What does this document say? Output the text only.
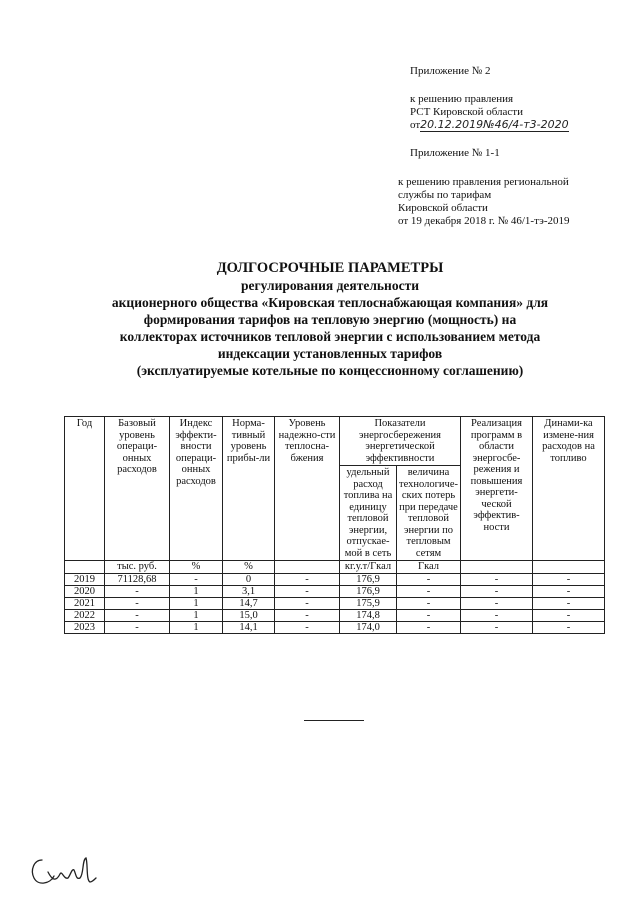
Приложение № 2
к решению правления
РСТ Кировской области
от20.12.2019№46/4-т3-2020
Приложение № 1-1
к решению правления региональной
службы по тарифам
Кировской области
от 19 декабря 2018 г. № 46/1-тэ-2019
ДОЛГОСРОЧНЫЕ ПАРАМЕТРЫ
регулирования деятельности
акционерного общества «Кировская теплоснабжающая компания» для
формирования тарифов на тепловую энергию (мощность) на
коллекторах источников тепловой энергии с использованием метода
индексации установленных тарифов
(эксплуатируемые котельные по концессионному соглашению)
Год	Базовый уровень операци-онных расходов	Индекс эффекти-вности операци-онных расходов	Норма-тивный уровень прибы-ли	Уровень надежно-сти теплосна-бжения	Показатели энергосбережения энергетической эффективности		Реализация программ в области энергосбе-режения и повышения энергети-ческой эффектив-ности	Динами-ка измене-ния расходов на топливо
					удельный расход топлива на единицу тепловой энергии, отпускае-мой в сеть	величина технологиче-ских потерь при передаче тепловой энергии по тепловым сетям		
	тыс. руб.	%	%		кг.у.т/Гкал	Гкал		
2019	71128,68	-	0	-	176,9	-	-	-
2020	-	1	3,1	-	176,9	-	-	-
2021	-	1	14,7	-	175,9	-	-	-
2022	-	1	15,0	-	174,8	-	-	-
2023	-	1	14,1	-	174,0	-	-	-
